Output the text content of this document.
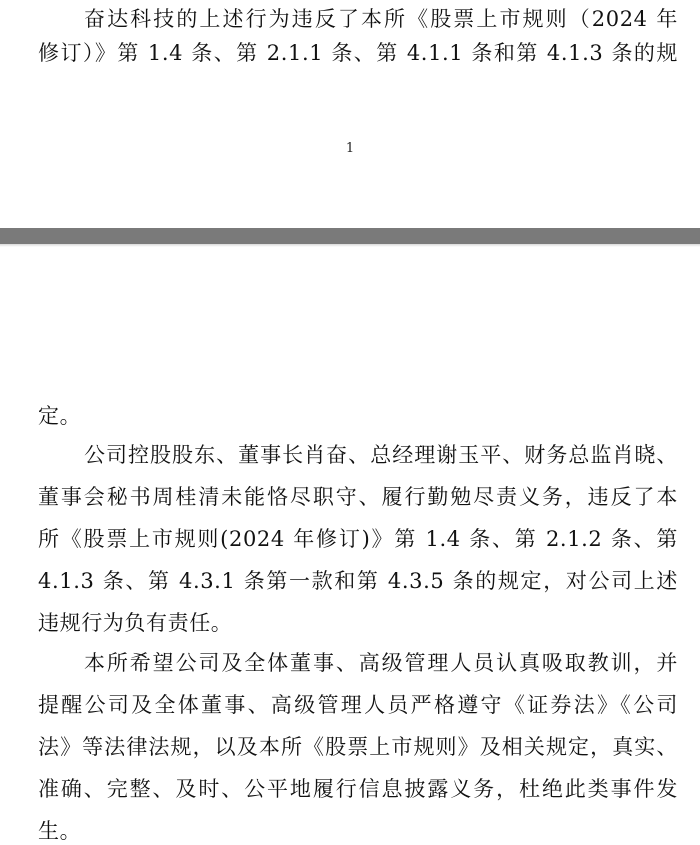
奋达科技的上述行为违反了本所《股票上市规则（2024 年
修订）》第 1.4 条、第 2.1.1 条、第 4.1.1 条和第 4.1.3 条的规
1
定。
公司控股股东、董事长肖奋、总经理谢玉平、财务总监肖晓、
董事会秘书周桂清未能恪尽职守、履行勤勉尽责义务，违反了本
所《股票上市规则(2024 年修订)》第 1.4 条、第 2.1.2 条、第
4.1.3 条、第 4.3.1 条第一款和第 4.3.5 条的规定，对公司上述
违规行为负有责任。
本所希望公司及全体董事、高级管理人员认真吸取教训，并
提醒公司及全体董事、高级管理人员严格遵守《证券法》《公司
法》等法律法规，以及本所《股票上市规则》及相关规定，真实、
准确、完整、及时、公平地履行信息披露义务，杜绝此类事件发
生。
